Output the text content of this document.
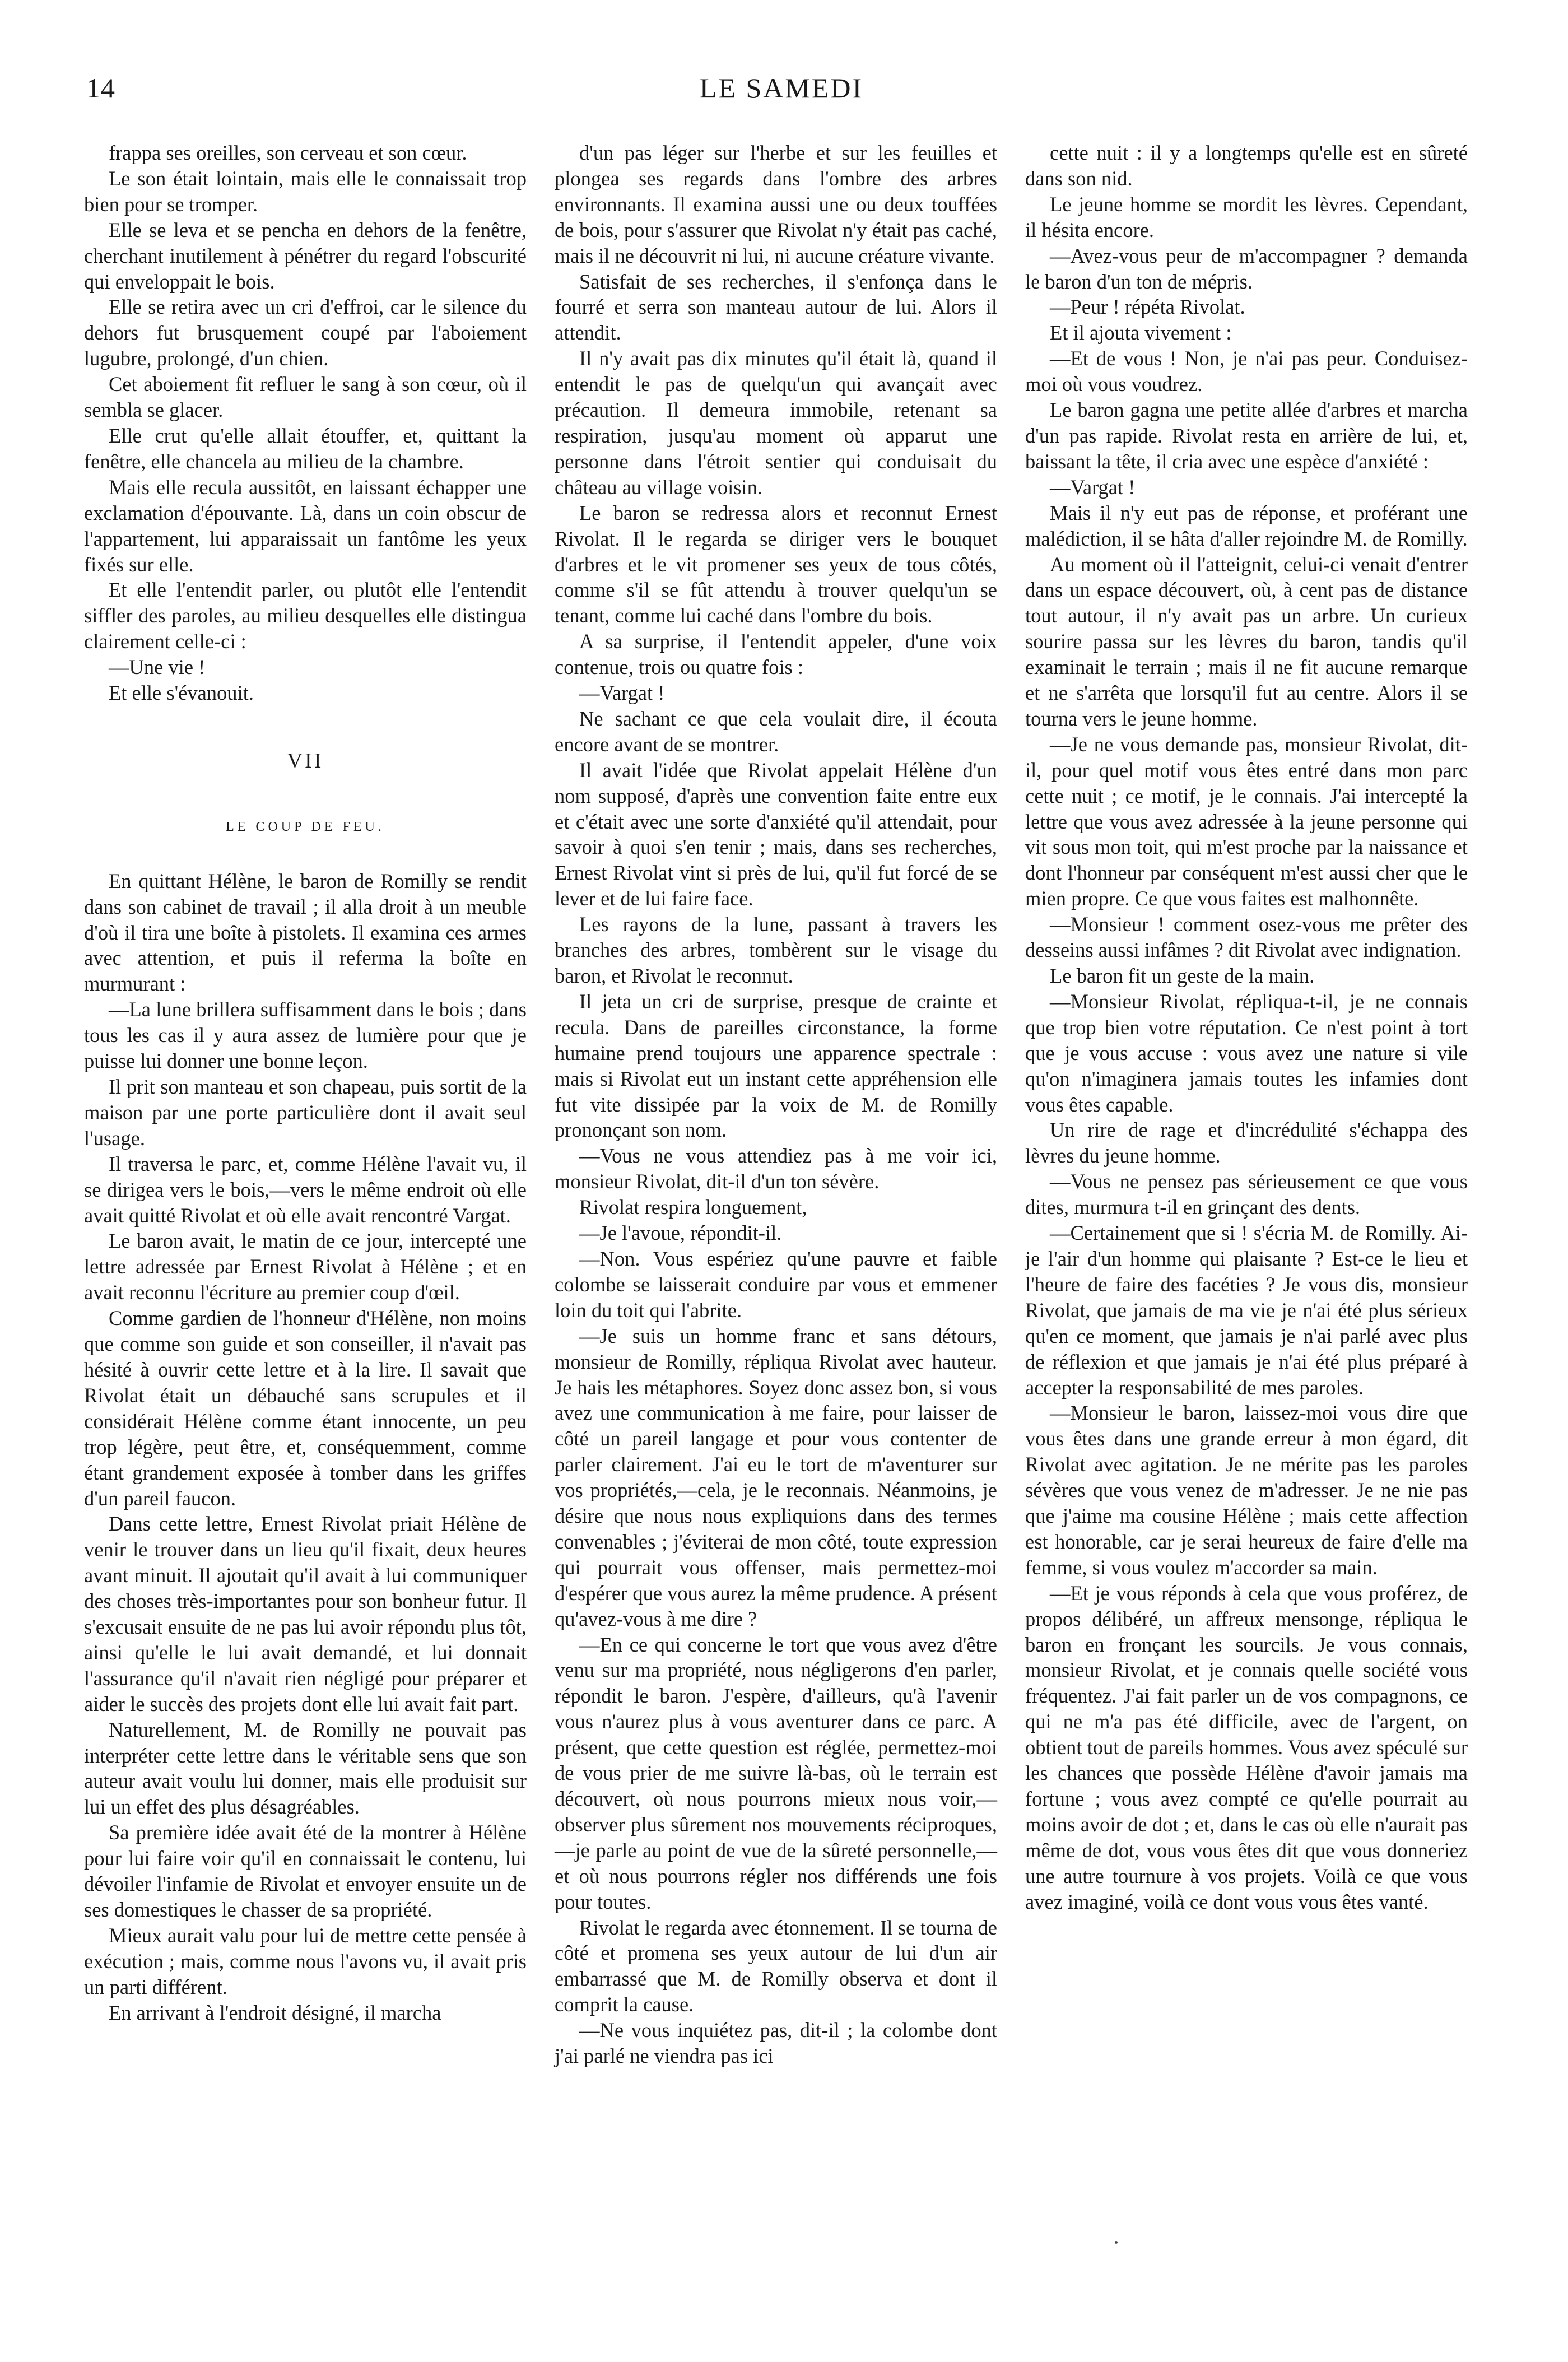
14	LE SAMEDI

frappa ses oreilles, son cerveau et son cœur.

Le son était lointain, mais elle le connaissait trop bien pour se tromper.

Elle se leva et se pencha en dehors de la fenêtre, cherchant inutilement à pénétrer du regard l'obscurité qui enveloppait le bois.

Elle se retira avec un cri d'effroi, car le silence du dehors fut brusquement coupé par l'aboiement lugubre, prolongé, d'un chien.

Cet aboiement fit refluer le sang à son cœur, où il sembla se glacer.

Elle crut qu'elle allait étouffer, et, quittant la fenêtre, elle chancela au milieu de la chambre.

Mais elle recula aussitôt, en laissant échapper une exclamation d'épouvante. Là, dans un coin obscur de l'appartement, lui apparaissait un fantôme les yeux fixés sur elle.

Et elle l'entendit parler, ou plutôt elle l'entendit siffler des paroles, au milieu desquelles elle distingua clairement celle-ci :

—Une vie !

Et elle s'évanouit.

VII

LE COUP DE FEU.

En quittant Hélène, le baron de Romilly se rendit dans son cabinet de travail ; il alla droit à un meuble d'où il tira une boîte à pistolets. Il examina ces armes avec attention, et puis il referma la boîte en murmurant :

—La lune brillera suffisamment dans le bois ; dans tous les cas il y aura assez de lumière pour que je puisse lui donner une bonne leçon.

Il prit son manteau et son chapeau, puis sortit de la maison par une porte particulière dont il avait seul l'usage.

Il traversa le parc, et, comme Hélène l'avait vu, il se dirigea vers le bois,—vers le même endroit où elle avait quitté Rivolat et où elle avait rencontré Vargat.

Le baron avait, le matin de ce jour, intercepté une lettre adressée par Ernest Rivolat à Hélène ; et en avait reconnu l'écriture au premier coup d'œil.

Comme gardien de l'honneur d'Hélène, non moins que comme son guide et son conseiller, il n'avait pas hésité à ouvrir cette lettre et à la lire. Il savait que Rivolat était un débauché sans scrupules et il considérait Hélène comme étant innocente, un peu trop légère, peut être, et, conséquemment, comme étant grandement exposée à tomber dans les griffes d'un pareil faucon.

Dans cette lettre, Ernest Rivolat priait Hélène de venir le trouver dans un lieu qu'il fixait, deux heures avant minuit. Il ajoutait qu'il avait à lui communiquer des choses très-importantes pour son bonheur futur. Il s'excusait ensuite de ne pas lui avoir répondu plus tôt, ainsi qu'elle le lui avait demandé, et lui donnait l'assurance qu'il n'avait rien négligé pour préparer et aider le succès des projets dont elle lui avait fait part.

Naturellement, M. de Romilly ne pouvait pas interpréter cette lettre dans le véritable sens que son auteur avait voulu lui donner, mais elle produisit sur lui un effet des plus désagréables.

Sa première idée avait été de la montrer à Hélène pour lui faire voir qu'il en connaissait le contenu, lui dévoiler l'infamie de Rivolat et envoyer ensuite un de ses domestiques le chasser de sa propriété.

Mieux aurait valu pour lui de mettre cette pensée à exécution ; mais, comme nous l'avons vu, il avait pris un parti différent.

En arrivant à l'endroit désigné, il marcha

d'un pas léger sur l'herbe et sur les feuilles et plongea ses regards dans l'ombre des arbres environnants. Il examina aussi une ou deux touffées de bois, pour s'assurer que Rivolat n'y était pas caché, mais il ne découvrit ni lui, ni aucune créature vivante.

Satisfait de ses recherches, il s'enfonça dans le fourré et serra son manteau autour de lui. Alors il attendit.

Il n'y avait pas dix minutes qu'il était là, quand il entendit le pas de quelqu'un qui avançait avec précaution. Il demeura immobile, retenant sa respiration, jusqu'au moment où apparut une personne dans l'étroit sentier qui conduisait du château au village voisin.

Le baron se redressa alors et reconnut Ernest Rivolat. Il le regarda se diriger vers le bouquet d'arbres et le vit promener ses yeux de tous côtés, comme s'il se fût attendu à trouver quelqu'un se tenant, comme lui caché dans l'ombre du bois.

A sa surprise, il l'entendit appeler, d'une voix contenue, trois ou quatre fois :

—Vargat !

Ne sachant ce que cela voulait dire, il écouta encore avant de se montrer.

Il avait l'idée que Rivolat appelait Hélène d'un nom supposé, d'après une convention faite entre eux et c'était avec une sorte d'anxiété qu'il attendait, pour savoir à quoi s'en tenir ; mais, dans ses recherches, Ernest Rivolat vint si près de lui, qu'il fut forcé de se lever et de lui faire face.

Les rayons de la lune, passant à travers les branches des arbres, tombèrent sur le visage du baron, et Rivolat le reconnut.

Il jeta un cri de surprise, presque de crainte et recula. Dans de pareilles circonstance, la forme humaine prend toujours une apparence spectrale : mais si Rivolat eut un instant cette appréhension elle fut vite dissipée par la voix de M. de Romilly prononçant son nom.

—Vous ne vous attendiez pas à me voir ici, monsieur Rivolat, dit-il d'un ton sévère.

Rivolat respira longuement,

—Je l'avoue, répondit-il.

—Non. Vous espériez qu'une pauvre et faible colombe se laisserait conduire par vous et emmener loin du toit qui l'abrite.

—Je suis un homme franc et sans détours, monsieur de Romilly, répliqua Rivolat avec hauteur. Je hais les métaphores. Soyez donc assez bon, si vous avez une communication à me faire, pour laisser de côté un pareil langage et pour vous contenter de parler clairement. J'ai eu le tort de m'aventurer sur vos propriétés,—cela, je le reconnais. Néanmoins, je désire que nous nous expliquions dans des termes convenables ; j'éviterai de mon côté, toute expression qui pourrait vous offenser, mais permettez-moi d'espérer que vous aurez la même prudence. A présent qu'avez-vous à me dire ?

—En ce qui concerne le tort que vous avez d'être venu sur ma propriété, nous négligerons d'en parler, répondit le baron. J'espère, d'ailleurs, qu'à l'avenir vous n'aurez plus à vous aventurer dans ce parc. A présent, que cette question est réglée, permettez-moi de vous prier de me suivre là-bas, où le terrain est découvert, où nous pourrons mieux nous voir,—observer plus sûrement nos mouvements réciproques,—je parle au point de vue de la sûreté personnelle,—et où nous pourrons régler nos différends une fois pour toutes.

Rivolat le regarda avec étonnement. Il se tourna de côté et promena ses yeux autour de lui d'un air embarrassé que M. de Romilly observa et dont il comprit la cause.

—Ne vous inquiétez pas, dit-il ; la colombe dont j'ai parlé ne viendra pas ici

cette nuit : il y a longtemps qu'elle est en sûreté dans son nid.

Le jeune homme se mordit les lèvres. Cependant, il hésita encore.

—Avez-vous peur de m'accompagner ? demanda le baron d'un ton de mépris.

—Peur ! répéta Rivolat.

Et il ajouta vivement :

—Et de vous ! Non, je n'ai pas peur. Conduisez-moi où vous voudrez.

Le baron gagna une petite allée d'arbres et marcha d'un pas rapide. Rivolat resta en arrière de lui, et, baissant la tête, il cria avec une espèce d'anxiété :

—Vargat !

Mais il n'y eut pas de réponse, et proférant une malédiction, il se hâta d'aller rejoindre M. de Romilly.

Au moment où il l'atteignit, celui-ci venait d'entrer dans un espace découvert, où, à cent pas de distance tout autour, il n'y avait pas un arbre. Un curieux sourire passa sur les lèvres du baron, tandis qu'il examinait le terrain ; mais il ne fit aucune remarque et ne s'arrêta que lorsqu'il fut au centre. Alors il se tourna vers le jeune homme.

—Je ne vous demande pas, monsieur Rivolat, dit-il, pour quel motif vous êtes entré dans mon parc cette nuit ; ce motif, je le connais. J'ai intercepté la lettre que vous avez adressée à la jeune personne qui vit sous mon toit, qui m'est proche par la naissance et dont l'honneur par conséquent m'est aussi cher que le mien propre. Ce que vous faites est malhonnête.

—Monsieur ! comment osez-vous me prêter des desseins aussi infâmes ? dit Rivolat avec indignation.

Le baron fit un geste de la main.

—Monsieur Rivolat, répliqua-t-il, je ne connais que trop bien votre réputation. Ce n'est point à tort que je vous accuse : vous avez une nature si vile qu'on n'imaginera jamais toutes les infamies dont vous êtes capable.

Un rire de rage et d'incrédulité s'échappa des lèvres du jeune homme.

—Vous ne pensez pas sérieusement ce que vous dites, murmura t-il en grinçant des dents.

—Certainement que si ! s'écria M. de Romilly. Ai-je l'air d'un homme qui plaisante ? Est-ce le lieu et l'heure de faire des facéties ? Je vous dis, monsieur Rivolat, que jamais de ma vie je n'ai été plus sérieux qu'en ce moment, que jamais je n'ai parlé avec plus de réflexion et que jamais je n'ai été plus préparé à accepter la responsabilité de mes paroles.

—Monsieur le baron, laissez-moi vous dire que vous êtes dans une grande erreur à mon égard, dit Rivolat avec agitation. Je ne mérite pas les paroles sévères que vous venez de m'adresser. Je ne nie pas que j'aime ma cousine Hélène ; mais cette affection est honorable, car je serai heureux de faire d'elle ma femme, si vous voulez m'accorder sa main.

—Et je vous réponds à cela que vous proférez, de propos délibéré, un affreux mensonge, répliqua le baron en fronçant les sourcils. Je vous connais, monsieur Rivolat, et je connais quelle société vous fréquentez. J'ai fait parler un de vos compagnons, ce qui ne m'a pas été difficile, avec de l'argent, on obtient tout de pareils hommes. Vous avez spéculé sur les chances que possède Hélène d'avoir jamais ma fortune ; vous avez compté ce qu'elle pourrait au moins avoir de dot ; et, dans le cas où elle n'aurait pas même de dot, vous vous êtes dit que vous donneriez une autre tournure à vos projets. Voilà ce que vous avez imaginé, voilà ce dont vous vous êtes vanté.
